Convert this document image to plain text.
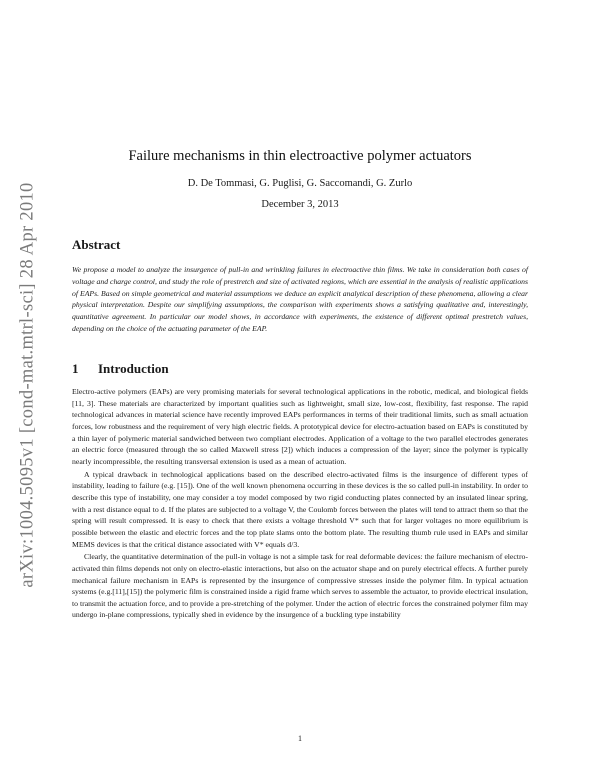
arXiv:1004.5095v1 [cond-mat.mtrl-sci] 28 Apr 2010
Failure mechanisms in thin electroactive polymer actuators
D. De Tommasi, G. Puglisi, G. Saccomandi, G. Zurlo
December 3, 2013
Abstract

We propose a model to analyze the insurgence of pull-in and wrinkling failures in electroactive thin films. We take in consideration both cases of voltage and charge control, and study the role of prestretch and size of activated regions, which are essential in the analysis of realistic applications of EAPs. Based on simple geometrical and material assumptions we deduce an explicit analytical description of these phenomena, allowing a clear physical interpretation. Despite our simplifying assumptions, the comparison with experiments shows a satisfying qualitative and, interestingly, quantitative agreement. In particular our model shows, in accordance with experiments, the existence of different optimal prestretch values, depending on the choice of the actuating parameter of the EAP.

1 Introduction

Electro-active polymers (EAPs) are very promising materials for several technological applications in the robotic, medical, and biological fields [11, 3]. These materials are characterized by important qualities such as lightweight, small size, low-cost, flexibility, fast response. The rapid technological advances in material science have recently improved EAPs performances in terms of their traditional limits, such as small actuation forces, low robustness and the requirement of very high electric fields. A prototypical device for electro-actuation based on EAPs is constituted by a thin layer of polymeric material sandwiched between two compliant electrodes. Application of a voltage to the two parallel electrodes generates an electric force (measured through the so called Maxwell stress [2]) which induces a compression of the layer; since the polymer is typically nearly incompressible, the resulting transversal extension is used as a mean of actuation.

A typical drawback in technological applications based on the described electro-activated films is the insurgence of different types of instability, leading to failure (e.g. [15]). One of the well known phenomena occurring in these devices is the so called pull-in instability. In order to describe this type of instability, one may consider a toy model composed by two rigid conducting plates connected by an insulated linear spring, with a rest distance equal to d. If the plates are subjected to a voltage V, the Coulomb forces between the plates will tend to attract them so that the spring will result compressed. It is easy to check that there exists a voltage threshold V* such that for larger voltages no more equilibrium is possible between the elastic and electric forces and the top plate slams onto the bottom plate. The resulting thumb rule used in EAPs and similar MEMS devices is that the critical distance associated with V* equals d/3.

Clearly, the quantitative determination of the pull-in voltage is not a simple task for real deformable devices: the failure mechanism of electro-activated thin films depends not only on electro-elastic interactions, but also on the actuator shape and on purely electrical effects. A further purely mechanical failure mechanism in EAPs is represented by the insurgence of compressive stresses inside the polymer film. In typical actuation systems (e.g.[11],[15]) the polymeric film is constrained inside a rigid frame which serves to assemble the actuator, to provide electrical insulation, to transmit the actuation force, and to provide a pre-stretching of the polymer. Under the action of electric forces the constrained polymer film may undergo in-plane compressions, typically shed in evidence by the insurgence of a buckling type instability

1
